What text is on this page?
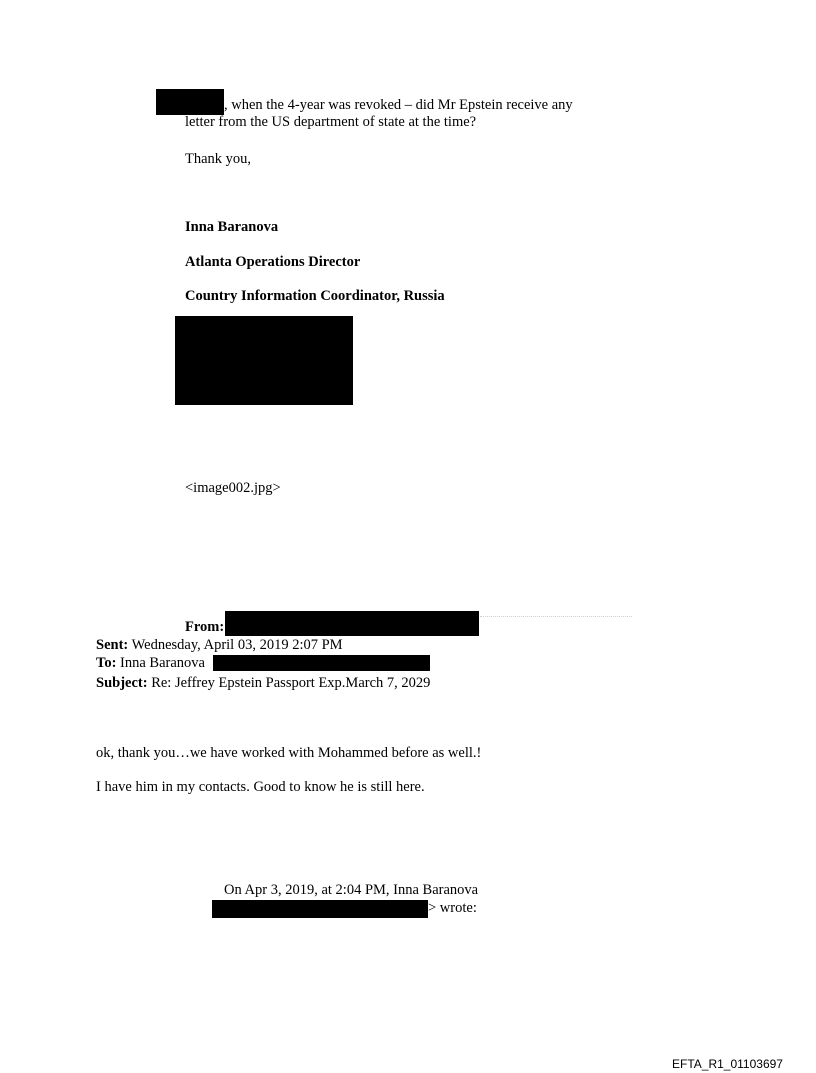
, when the 4-year was revoked – did Mr Epstein receive any
letter from the US department of state at the time?
Thank you,
Inna Baranova
Atlanta Operations Director
Country Information Coordinator, Russia
<image002.jpg>
From:
Sent: Wednesday, April 03, 2019 2:07 PM
To: Inna Baranova
Subject: Re: Jeffrey Epstein Passport Exp.March 7, 2029
ok, thank you…we have worked with Mohammed before as well.!
I have him in my contacts. Good to know he is still here.
On Apr 3, 2019, at 2:04 PM, Inna Baranova
> wrote:
EFTA_R1_01103697
